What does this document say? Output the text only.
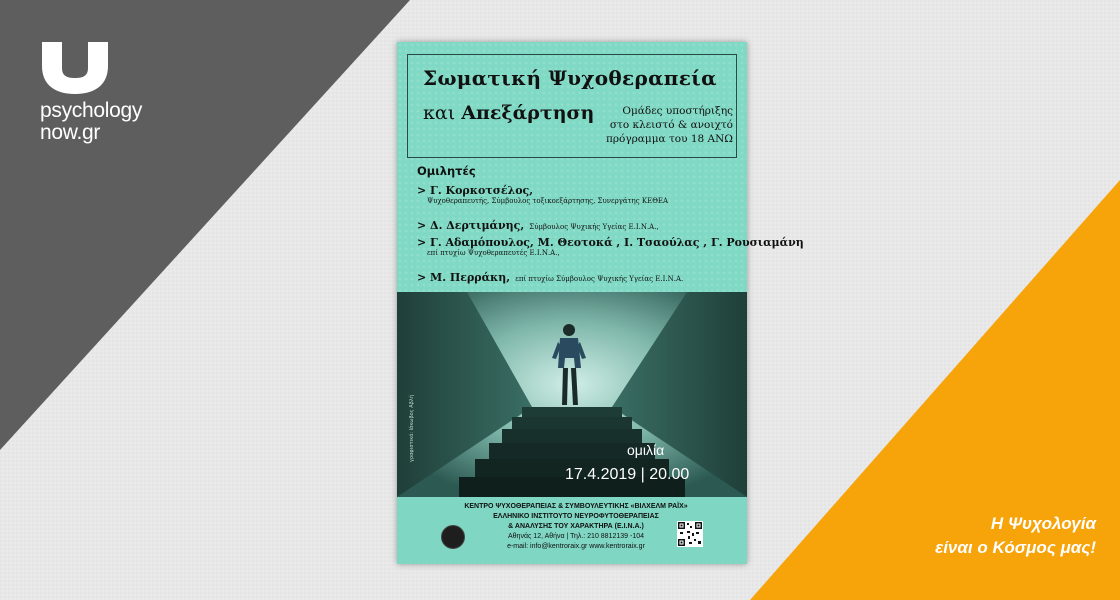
psychology
now.gr
Η Ψυχολογία
είναι ο Κόσμος μας!
Σωματική Ψυχοθεραπεία
και Απεξάρτηση	Ομάδες υποστήριξης
στο κλειστό & ανοιχτό
πρόγραμμα του 18 ΑΝΩ
Ομιλητές
> Γ. Κορκοτσέλος,
Ψυχοθεραπευτής, Σύμβουλος τοξικοεξάρτησης, Συνεργάτης ΚΕΘΕΑ
> Δ. Δερτιμάνης, Σύμβουλος Ψυχικής Υγείας Ε.Ι.Ν.Α.,
> Γ. Αδαμόπουλος, Μ. Θεοτοκά , Ι. Τσαούλας , Γ. Ρουσιαμάνη
επί πτυχίω Ψυχοθεραπευτές Ε.Ι.Ν.Α.,
> Μ. Περράκη, επί πτυχίω Σύμβουλος Ψυχικής Υγείας Ε.Ι.Ν.Α.
γραφιστικό: Ιάκωβος Αβλή	ομιλία
17.4.2019 | 20.00
ΚΕΝΤΡΟ ΨΥΧΟΘΕΡΑΠΕΙΑΣ & ΣΥΜΒΟΥΛΕΥΤΙΚΗΣ «ΒΙΛΧΕΛΜ ΡΑΪΧ»
ΕΛΛΗΝΙΚΟ ΙΝΣΤΙΤΟΥΤΟ ΝΕΥΡΟΦΥΤΟΘΕΡΑΠΕΙΑΣ
& ΑΝΑΛΥΣΗΣ ΤΟΥ ΧΑΡΑΚΤΗΡΑ (Ε.Ι.Ν.Α.)
Αθηνάς 12, Αθήνα | Τηλ.: 210 8812139 -104
e-mail: info@kentroraix.gr www.kentroraix.gr
